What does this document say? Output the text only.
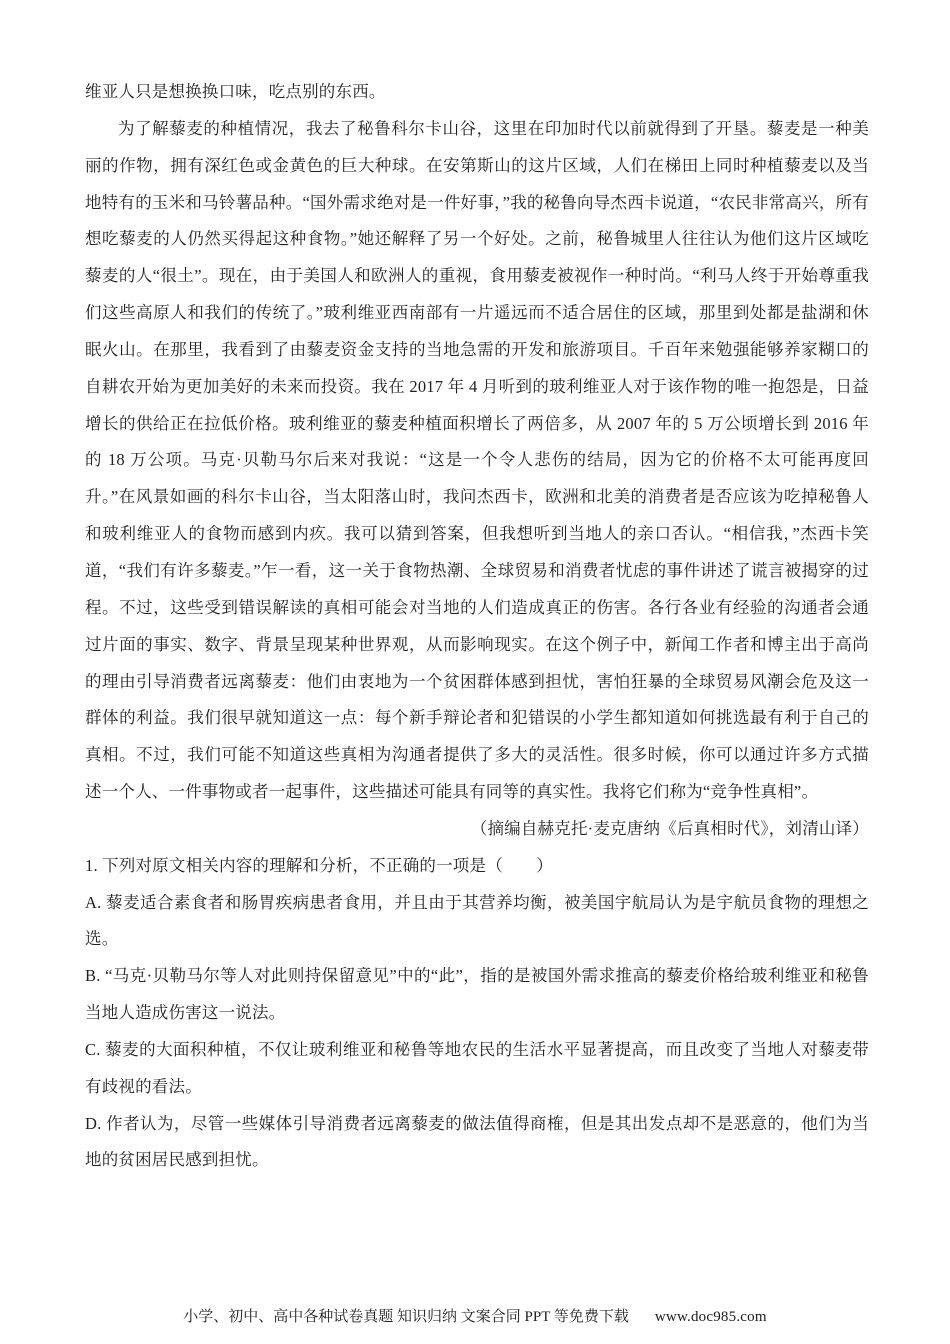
维亚人只是想换换口味，吃点别的东西。

为了解藜麦的种植情况，我去了秘鲁科尔卡山谷，这里在印加时代以前就得到了开垦。藜麦是一种美丽的作物，拥有深红色或金黄色的巨大种球。在安第斯山的这片区域，人们在梯田上同时种植藜麦以及当地特有的玉米和马铃薯品种。“国外需求绝对是一件好事，”我的秘鲁向导杰西卡说道，“农民非常高兴，所有想吃藜麦的人仍然买得起这种食物。”她还解释了另一个好处。之前，秘鲁城里人往往认为他们这片区域吃藜麦的人“很土”。现在，由于美国人和欧洲人的重视，食用藜麦被视作一种时尚。“利马人终于开始尊重我们这些高原人和我们的传统了。”玻利维亚西南部有一片遥远而不适合居住的区域，那里到处都是盐湖和休眠火山。在那里，我看到了由藜麦资金支持的当地急需的开发和旅游项目。千百年来勉强能够养家糊口的自耕农开始为更加美好的未来而投资。我在 2017 年 4 月听到的玻利维亚人对于该作物的唯一抱怨是，日益增长的供给正在拉低价格。玻利维亚的藜麦种植面积增长了两倍多，从 2007 年的 5 万公顷增长到 2016 年的 18 万公项。马克·贝勒马尔后来对我说：“这是一个令人悲伤的结局，因为它的价格不太可能再度回升。”在风景如画的科尔卡山谷，当太阳落山时，我问杰西卡，欧洲和北美的消费者是否应该为吃掉秘鲁人和玻利维亚人的食物而感到内疚。我可以猜到答案，但我想听到当地人的亲口否认。“相信我，”杰西卡笑道，“我们有许多藜麦。”乍一看，这一关于食物热潮、全球贸易和消费者忧虑的事件讲述了谎言被揭穿的过程。不过，这些受到错误解读的真相可能会对当地的人们造成真正的伤害。各行各业有经验的沟通者会通过片面的事实、数字、背景呈现某种世界观，从而影响现实。在这个例子中，新闻工作者和博主出于高尚的理由引导消费者远离藜麦：他们由衷地为一个贫困群体感到担忧，害怕狂暴的全球贸易风潮会危及这一群体的利益。我们很早就知道这一点：每个新手辩论者和犯错误的小学生都知道如何挑选最有利于自己的真相。不过，我们可能不知道这些真相为沟通者提供了多大的灵活性。很多时候，你可以通过许多方式描述一个人、一件事物或者一起事件，这些描述可能具有同等的真实性。我将它们称为“竞争性真相”。

（摘编自赫克托·麦克唐纳《后真相时代》，刘清山译）

1. 下列对原文相关内容的理解和分析，不正确的一项是（　　）

A. 藜麦适合素食者和肠胃疾病患者食用，并且由于其营养均衡，被美国宇航局认为是宇航员食物的理想之选。

B. “马克·贝勒马尔等人对此则持保留意见”中的“此”，指的是被国外需求推高的藜麦价格给玻利维亚和秘鲁当地人造成伤害这一说法。

C. 藜麦的大面积种植，不仅让玻利维亚和秘鲁等地农民的生活水平显著提高，而且改变了当地人对藜麦带有歧视的看法。

D. 作者认为，尽管一些媒体引导消费者远离藜麦的做法值得商榷，但是其出发点却不是恶意的，他们为当地的贫困居民感到担忧。

小学、初中、高中各种试卷真题 知识归纳 文案合同 PPT 等免费下载 www.doc985.com
